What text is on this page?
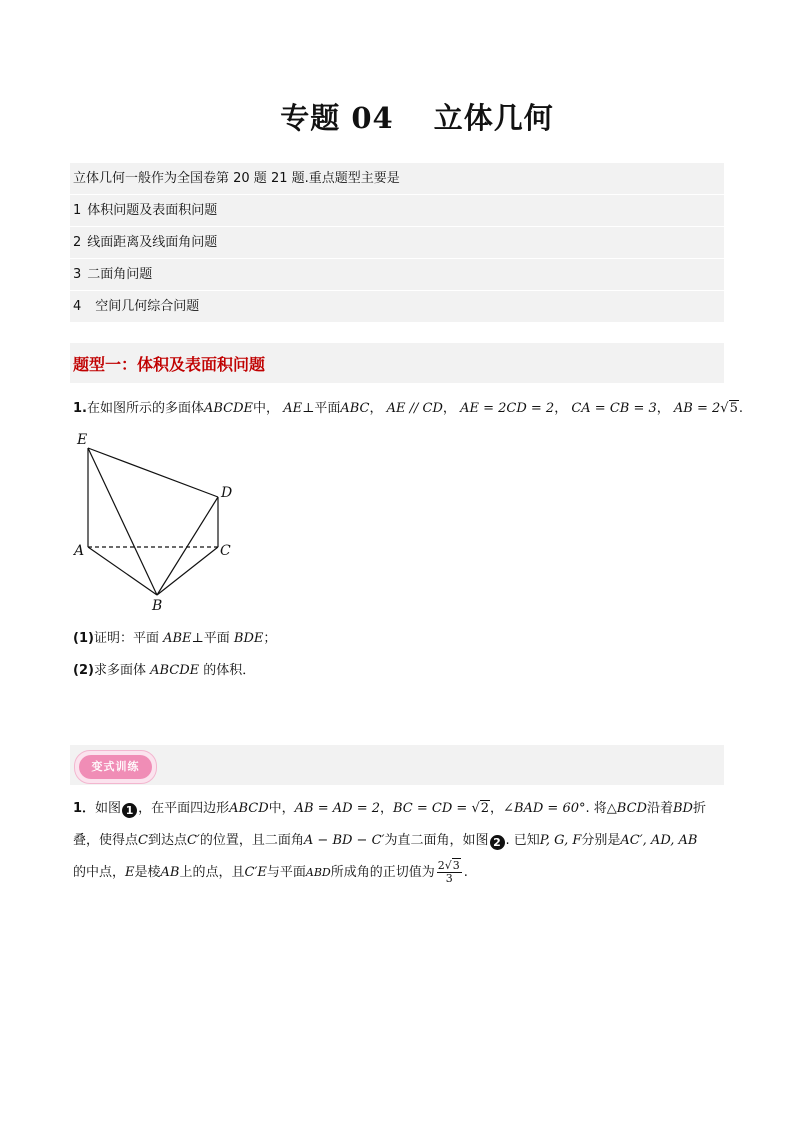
专题 04 立体几何
立体几何一般作为全国卷第 20 题 21 题.重点题型主要是
1 体积问题及表面积问题
2 线面距离及线面角问题
3 二面角问题
4 空间几何综合问题
题型一：体积及表面积问题
1.在如图所示的多面体ABCDE中， AE⊥平面ABC， AE // CD， AE = 2CD = 2， CA = CB = 3， AB = 2√5.
E
D
A	C
B
(1)证明：平面 ABE⊥平面 BDE；
(2)求多面体 ABCDE 的体积．
变式训练
1．如图 1 ，在平面四边形ABCD中，AB = AD = 2，BC = CD = √2，∠BAD = 60°. 将△BCD沿着BD折
叠，使得点C到达点C′的位置，且二面角A − BD − C′为直二面角，如图 2 . 已知P, G, F分别是AC′, AD, AB
的中点，E是棱AB上的点，且C′E与平面ABD所成角的正切值为 $\frac{2√3}{3}$ .
